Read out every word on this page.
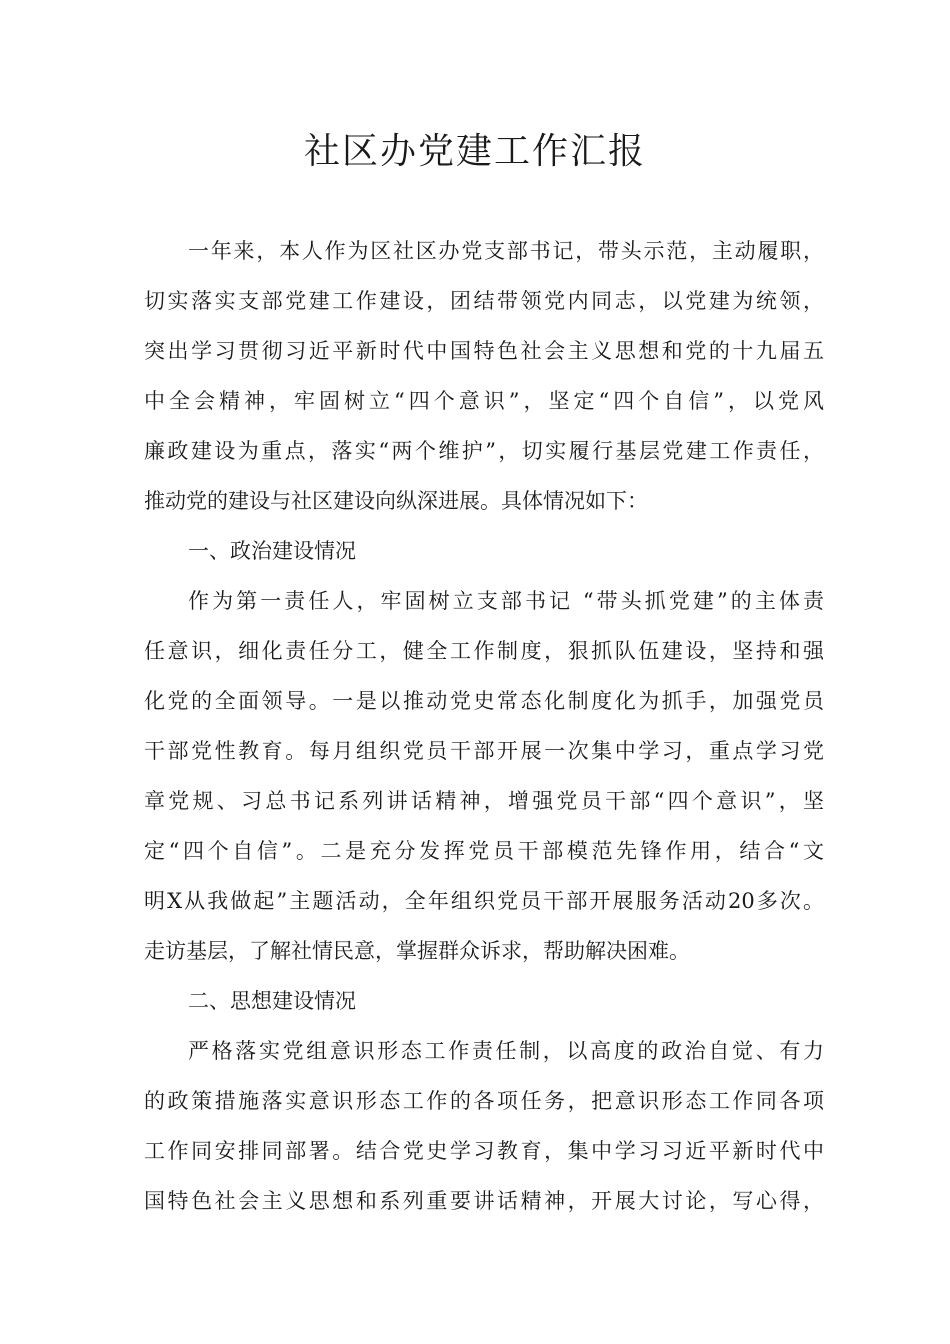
社区办党建工作汇报
一年来，本人作为区社区办党支部书记，带头示范，主动履职，
切实落实支部党建工作建设，团结带领党内同志，以党建为统领，
突出学习贯彻习近平新时代中国特色社会主义思想和党的十九届五
中全会精神，牢固树立“四个意识”，坚定“四个自信”，以党风
廉政建设为重点，落实“两个维护”，切实履行基层党建工作责任，
推动党的建设与社区建设向纵深进展。具体情况如下：
一、政治建设情况
作为第一责任人，牢固树立支部书记 “带头抓党建”的主体责
任意识，细化责任分工，健全工作制度，狠抓队伍建设，坚持和强
化党的全面领导。一是以推动党史常态化制度化为抓手，加强党员
干部党性教育。每月组织党员干部开展一次集中学习，重点学习党
章党规、习总书记系列讲话精神，增强党员干部“四个意识”，坚
定“四个自信”。二是充分发挥党员干部模范先锋作用，结合“文
明X从我做起”主题活动，全年组织党员干部开展服务活动20多次。
走访基层，了解社情民意，掌握群众诉求，帮助解决困难。
二、思想建设情况
严格落实党组意识形态工作责任制，以高度的政治自觉、有力
的政策措施落实意识形态工作的各项任务，把意识形态工作同各项
工作同安排同部署。结合党史学习教育，集中学习习近平新时代中
国特色社会主义思想和系列重要讲话精神，开展大讨论，写心得，
